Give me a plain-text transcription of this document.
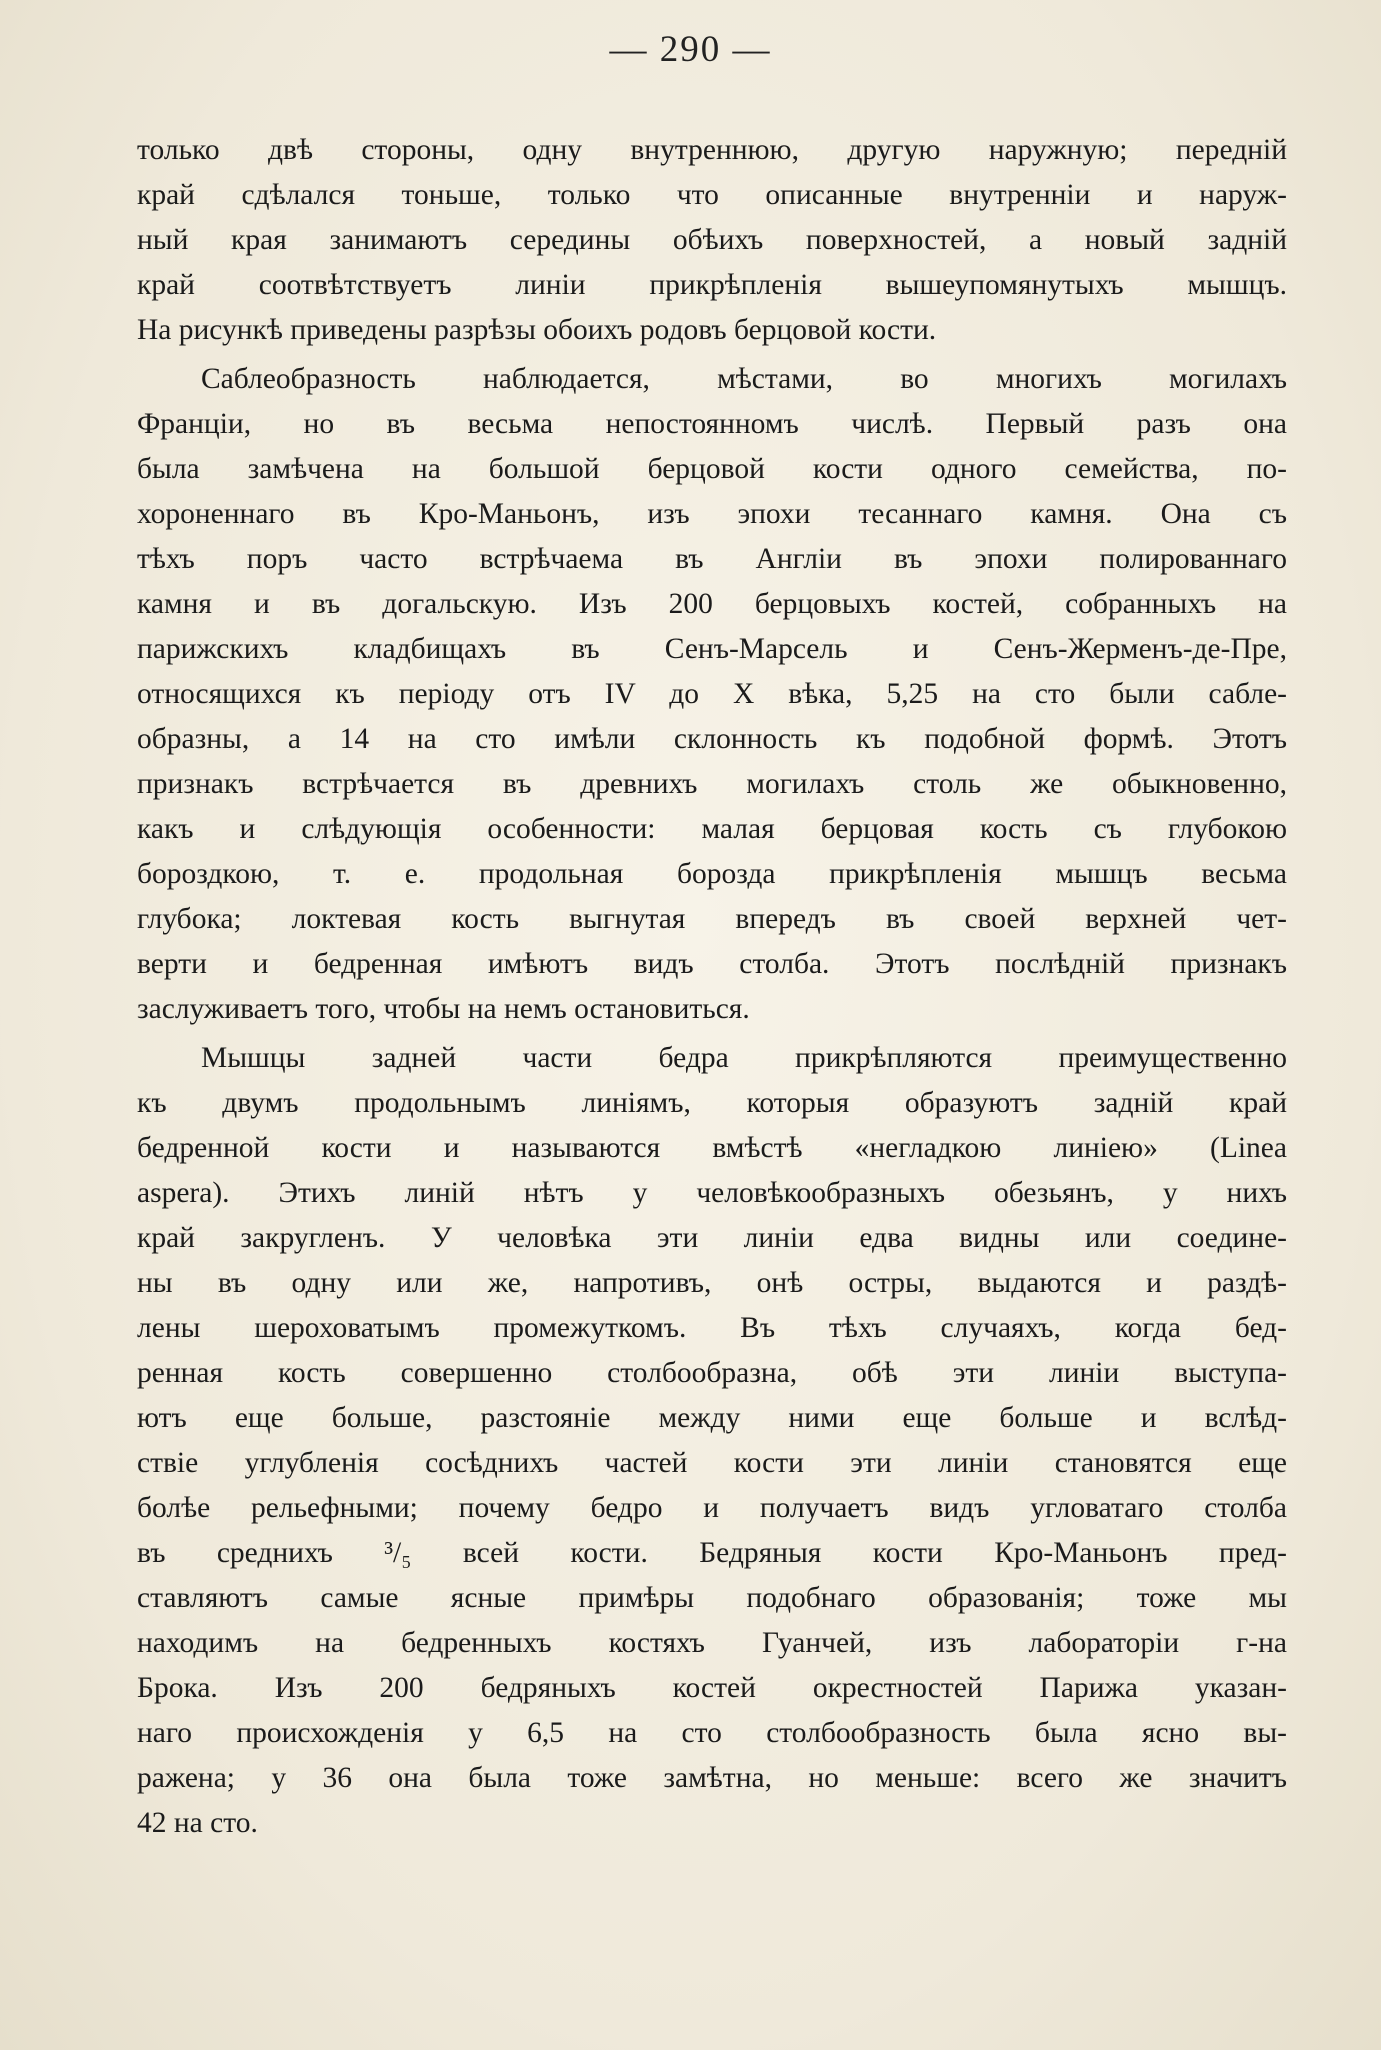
— 290 —

только двѣ стороны, одну внутреннюю, другую наружную; передній
край сдѣлался тоньше, только что описанные внутренніи и наруж-
ный края занимаютъ середины обѣихъ поверхностей, а новый задній
край соотвѣтствуетъ линіи прикрѣпленія вышеупомянутыхъ мышцъ.
На рисункѣ приведены разрѣзы обоихъ родовъ берцовой кости.

Саблеобразность наблюдается, мѣстами, во многихъ могилахъ
Франціи, но въ весьма непостоянномъ числѣ. Первый разъ она
была замѣчена на большой берцовой кости одного семейства, по-
хороненнаго въ Кро-Маньонъ, изъ эпохи тесаннаго камня. Она съ
тѣхъ поръ часто встрѣчаема въ Англіи въ эпохи полированнаго
камня и въ догальскую. Изъ 200 берцовыхъ костей, собранныхъ на
парижскихъ кладбищахъ въ Сенъ-Марсель и Сенъ-Жерменъ-де-Пре,
относящихся къ періоду отъ IV до X вѣка, 5,25 на сто были сабле-
образны, а 14 на сто имѣли склонность къ подобной формѣ. Этотъ
признакъ встрѣчается въ древнихъ могилахъ столь же обыкновенно,
какъ и слѣдующія особенности: малая берцовая кость съ глубокою
бороздкою, т. е. продольная борозда прикрѣпленія мышцъ весьма
глубока; локтевая кость выгнутая впередъ въ своей верхней чет-
верти и бедренная имѣютъ видъ столба. Этотъ послѣдній признакъ
заслуживаетъ того, чтобы на немъ остановиться.

Мышцы задней части бедра прикрѣпляются преимущественно
къ двумъ продольнымъ линіямъ, которыя образуютъ задній край
бедренной кости и называются вмѣстѣ «негладкою линіею» (Linea
aspera). Этихъ линій нѣтъ у человѣкообразныхъ обезьянъ, у нихъ
край закругленъ. У человѣка эти линіи едва видны или соедине-
ны въ одну или же, напротивъ, онѣ остры, выдаются и раздѣ-
лены шероховатымъ промежуткомъ. Въ тѣхъ случаяхъ, когда бед-
ренная кость совершенно столбообразна, обѣ эти линіи выступа-
ютъ еще больше, разстояніе между ними еще больше и вслѣд-
ствіе углубленія сосѣднихъ частей кости эти линіи становятся еще
болѣе рельефными; почему бедро и получаетъ видъ угловатаго столба
въ среднихъ ³/₅ всей кости. Бедряныя кости Кро-Маньонъ пред-
ставляютъ самые ясные примѣры подобнаго образованія; тоже мы
находимъ на бедренныхъ костяхъ Гуанчей, изъ лабораторіи г-на
Брока. Изъ 200 бедряныхъ костей окрестностей Парижа указан-
наго происхожденія у 6,5 на сто столбообразность была ясно вы-
ражена; у 36 она была тоже замѣтна, но меньше: всего же значитъ
42 на сто.
